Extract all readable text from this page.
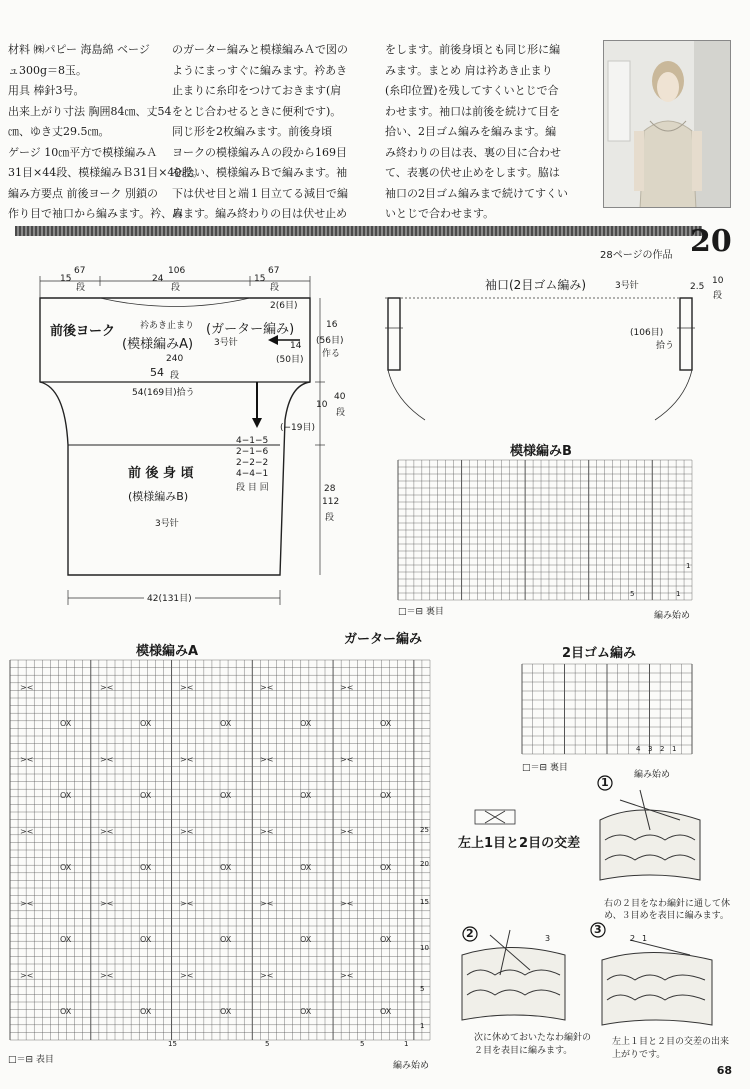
材料 ㈱パピー 海島綿 ベージ

ュ300g＝8玉。

用具 棒針3号。

出来上がり寸法 胸囲84㎝、丈54

㎝、ゆき丈29.5㎝。

ゲージ 10㎝平方で模様編みＡ

31目×44段、模様編みＢ31目×40段。

編み方要点 前後ヨーク 別鎖の

作り目で袖口から編みます。衿、肩

のガーター編みと模様編みＡで図の

ようにまっすぐに編みます。衿あき

止まりに糸印をつけておきます(肩

をとじ合わせるときに便利です)。

同じ形を2枚編みます。前後身頃

ヨークの模様編みＡの段から169目

を拾い、模様編みＢで編みます。袖

下は伏せ目と端１目立てる減目で編

みます。編み終わりの目は伏せ止め

をします。前後身頃とも同じ形に編

みます。まとめ 肩は衿あき止まり

(糸印位置)を残してすくいとじで合

わせます。袖口は前後を続けて目を

拾い、2目ゴム編みを編みます。編

み終わりの目は表、裏の目に合わせ

て、表裏の伏せ止めをします。脇は

袖口の2目ゴム編みまで続けてすくい

いとじで合わせます。

28ページの作品 20
><	><	><	><	><
OX	OX	OX	OX	OX
><	><	><	><	><
OX	OX	OX	OX	OX
><	><	><	><	><
OX	OX	OX	OX	OX
><	><	><	><	><
OX	OX	OX	OX	OX
><	><	><	><	><
OX	OX	OX	OX	OX
15
67
段
24
106
段
15
67
段
前後ヨーク
(模様編みA)
衿あき止まり (ガーター編み)
3号针
240
54 段
54(169目)拾う
2(6目)
16
(56目)
作る
14
(50目)
10
40
段
(−19目)
前 後 身 頃
(模様編みB)
3号针
4−1−5
2−1−6
2−2−2
4−4−1
段 目 回	28
112
段
42(131目)
袖口(2目ゴム編み)	3号针	2.5
10
段
(106目)
拾う
模様編みB
□＝⊟ 裏目	編み始め
1
5	1
模様編みA
ガーター編み
□＝⊟ 表目
編み始め
15	5	5	1
25
20
15
10
5
1
2目ゴム編み
□＝⊟ 裏目
編み始め
4 3 2 1
左上1目と2目の交差
1
右の２目をなわ編針に通して休
め、３目めを表目に編みます。
2
次に休めておいたなわ編針の
２目を表目に編みます。
3
左上１目と２目の交差の出来
上がりです。
1
2
3
68
